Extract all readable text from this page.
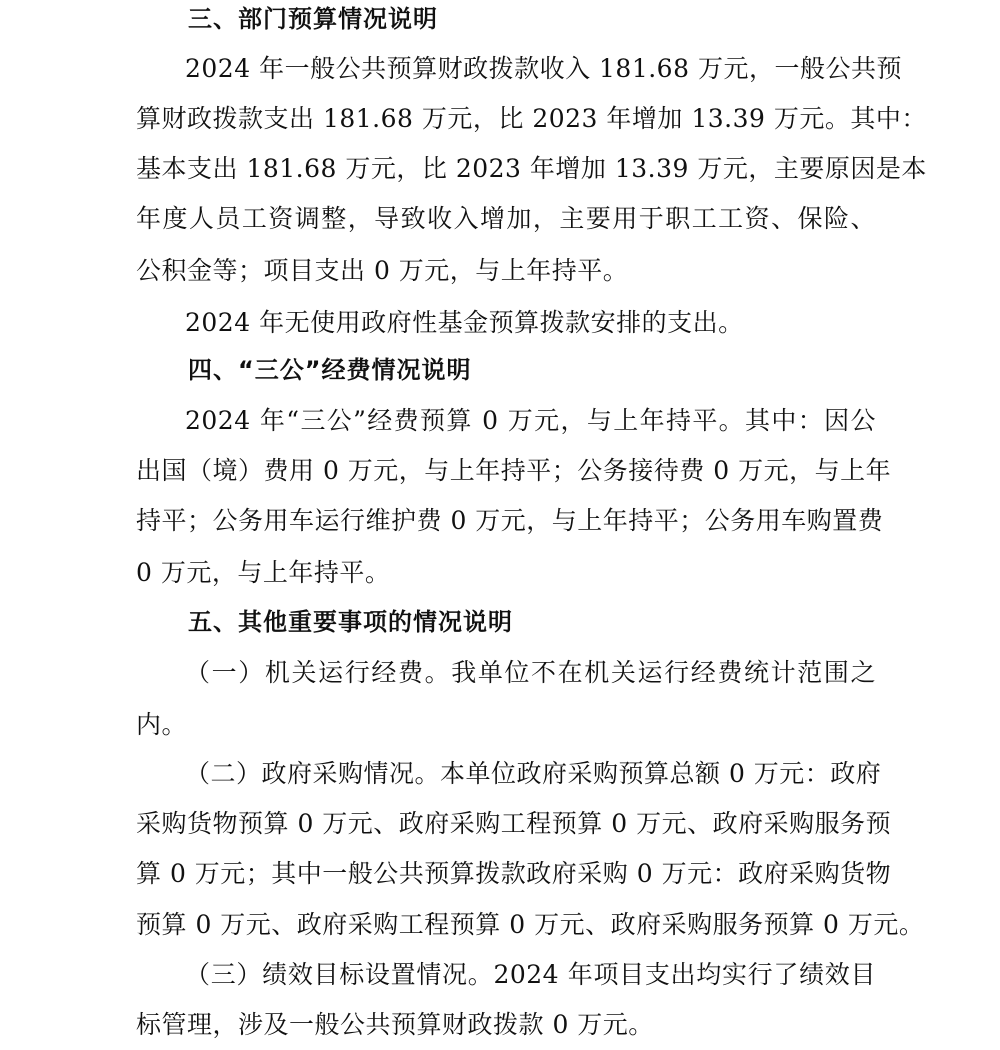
三、部门预算情况说明
2024 年一般公共预算财政拨款收入 181.68 万元，一般公共预
算财政拨款支出 181.68 万元，比 2023 年增加 13.39 万元。其中：
基本支出 181.68 万元，比 2023 年增加 13.39 万元，主要原因是本
年度人员工资调整，导致收入增加，主要用于职工工资、保险、
公积金等；项目支出 0 万元，与上年持平。
2024 年无使用政府性基金预算拨款安排的支出。
四、“三公”经费情况说明
2024 年“三公”经费预算 0 万元，与上年持平。其中：因公
出国（境）费用 0 万元，与上年持平；公务接待费 0 万元，与上年
持平；公务用车运行维护费 0 万元，与上年持平；公务用车购置费
0 万元，与上年持平。
五、其他重要事项的情况说明
（一）机关运行经费。我单位不在机关运行经费统计范围之
内。
（二）政府采购情况。本单位政府采购预算总额 0 万元：政府
采购货物预算 0 万元、政府采购工程预算 0 万元、政府采购服务预
算 0 万元；其中一般公共预算拨款政府采购 0 万元：政府采购货物
预算 0 万元、政府采购工程预算 0 万元、政府采购服务预算 0 万元。
（三）绩效目标设置情况。2024 年项目支出均实行了绩效目
标管理，涉及一般公共预算财政拨款 0 万元。
